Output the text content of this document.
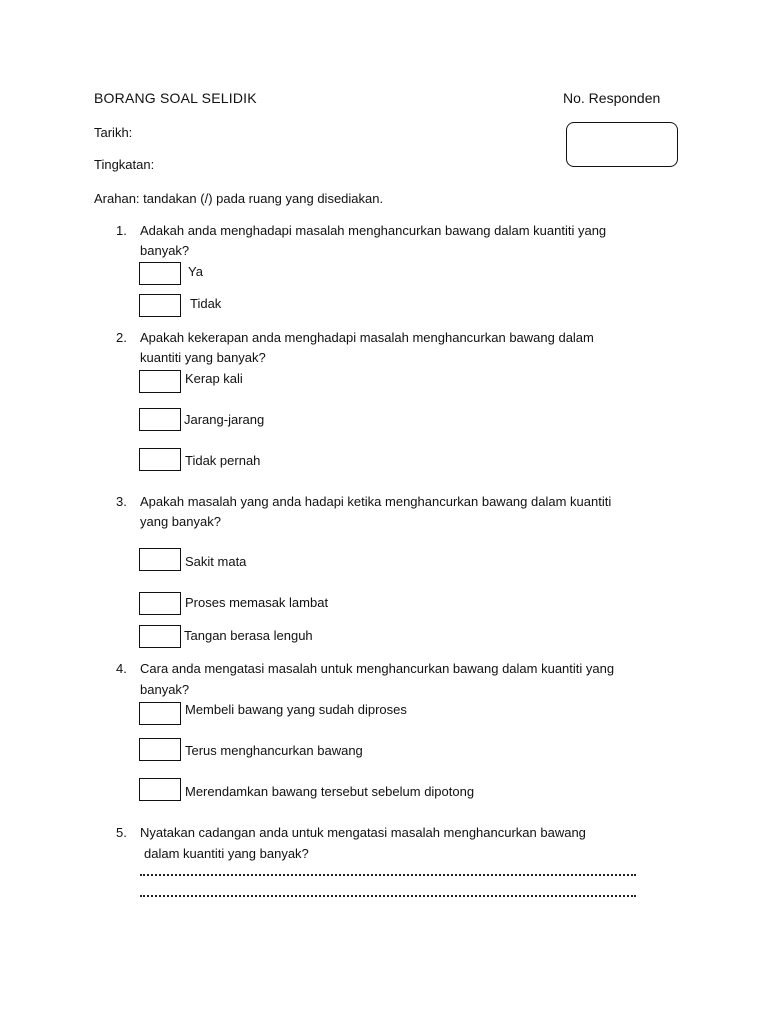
BORANG SOAL SELIDIK	No. Responden
Tarikh:
Tingkatan:
Arahan: tandakan (/) pada ruang yang disediakan.
1. Adakah anda menghadapi masalah menghancurkan bawang dalam kuantiti yang
banyak?
Ya
Tidak
2. Apakah kekerapan anda menghadapi masalah menghancurkan bawang dalam
kuantiti yang banyak?
Kerap kali
Jarang-jarang
Tidak pernah
3. Apakah masalah yang anda hadapi ketika menghancurkan bawang dalam kuantiti
yang banyak?
Sakit mata
Proses memasak lambat
Tangan berasa lenguh
4. Cara anda mengatasi masalah untuk menghancurkan bawang dalam kuantiti yang
banyak?
Membeli bawang yang sudah diproses
Terus menghancurkan bawang
Merendamkan bawang tersebut sebelum dipotong
5. Nyatakan cadangan anda untuk mengatasi masalah menghancurkan bawang
dalam kuantiti yang banyak?
